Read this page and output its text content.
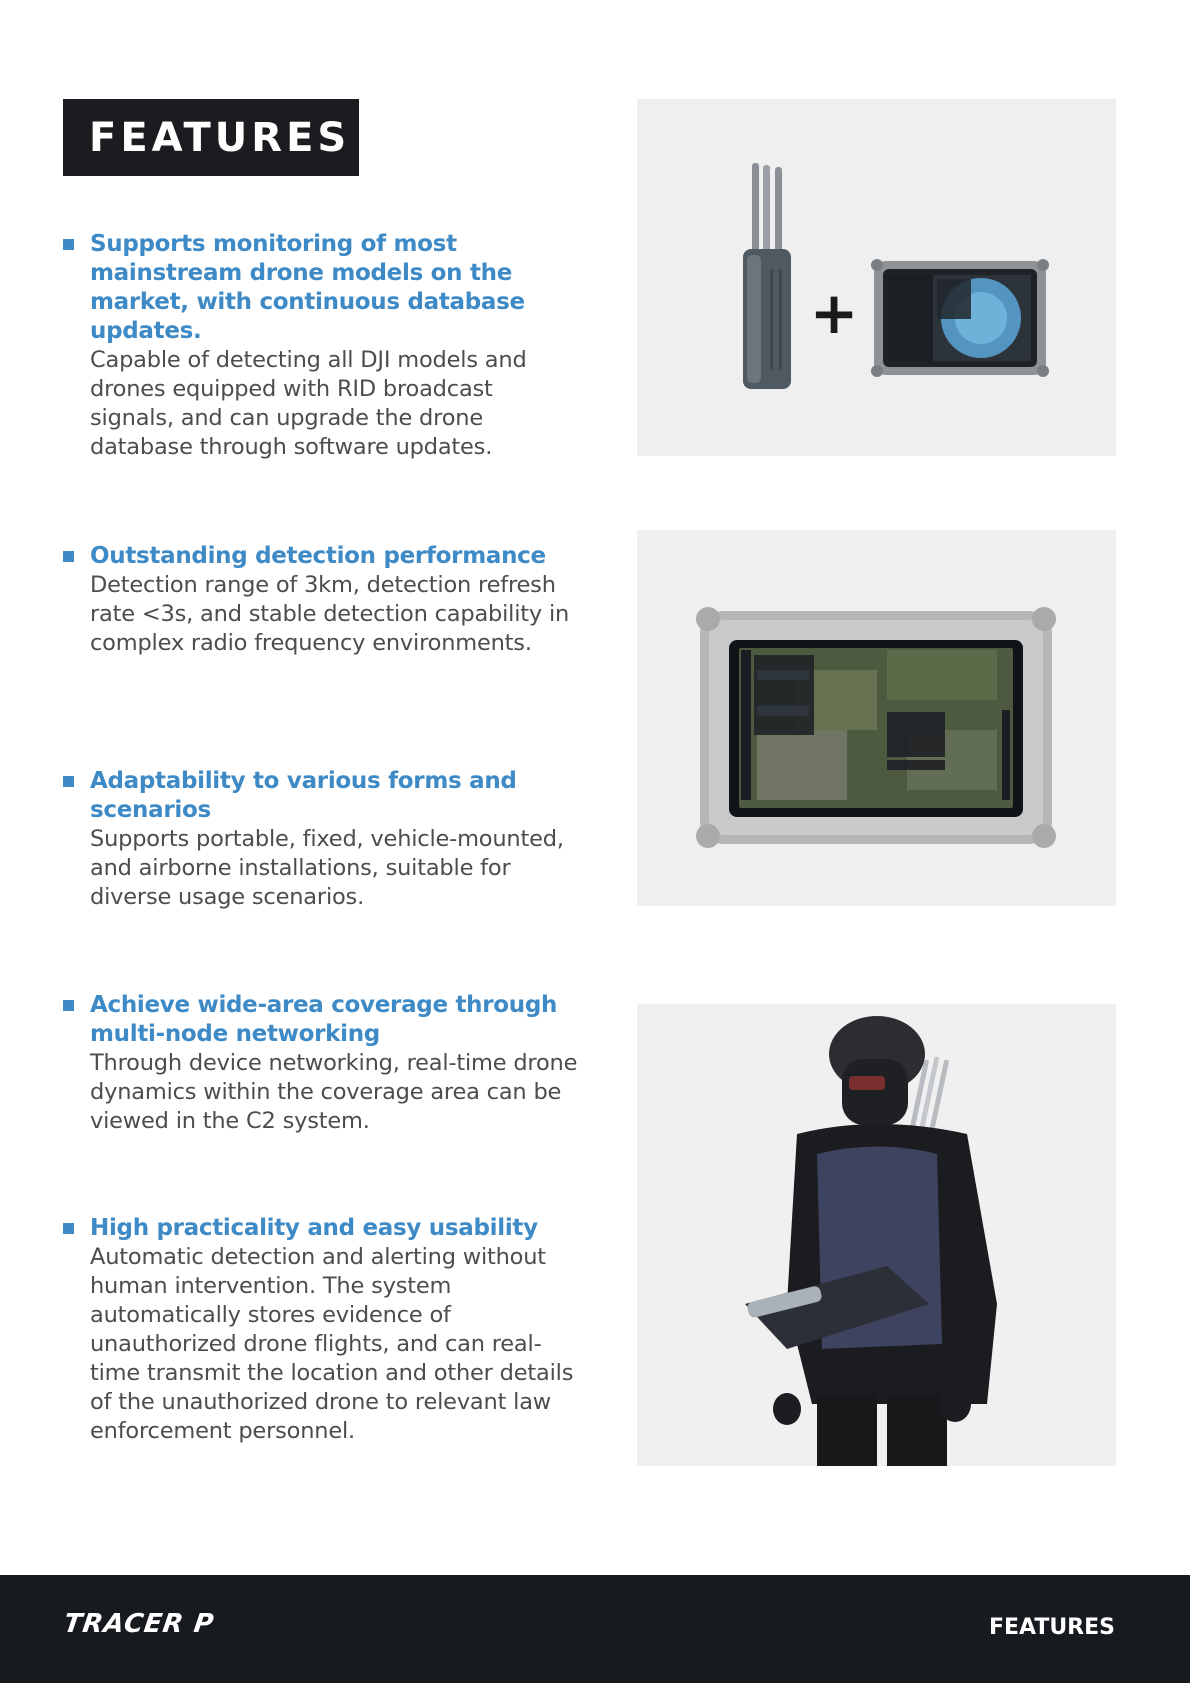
FEATURES
Supports monitoring of most mainstream drone models on the market, with continuous database updates.

Capable of detecting all DJI models and drones equipped with RID broadcast signals, and can upgrade the drone database through software updates.

Outstanding detection performance

Detection range of 3km, detection refresh rate <3s, and stable detection capability in complex radio frequency environments.

Adaptability to various forms and scenarios

Supports portable, fixed, vehicle-mounted, and airborne installations, suitable for diverse usage scenarios.

Achieve wide-area coverage through multi-node networking

Through device networking, real-time drone dynamics within the coverage area can be viewed in the C2 system.

High practicality and easy usability

Automatic detection and alerting without human intervention. The system automatically stores evidence of unauthorized drone flights, and can real-time transmit the location and other details of the unauthorized drone to relevant law enforcement personnel.

+
TRACER P	FEATURES
